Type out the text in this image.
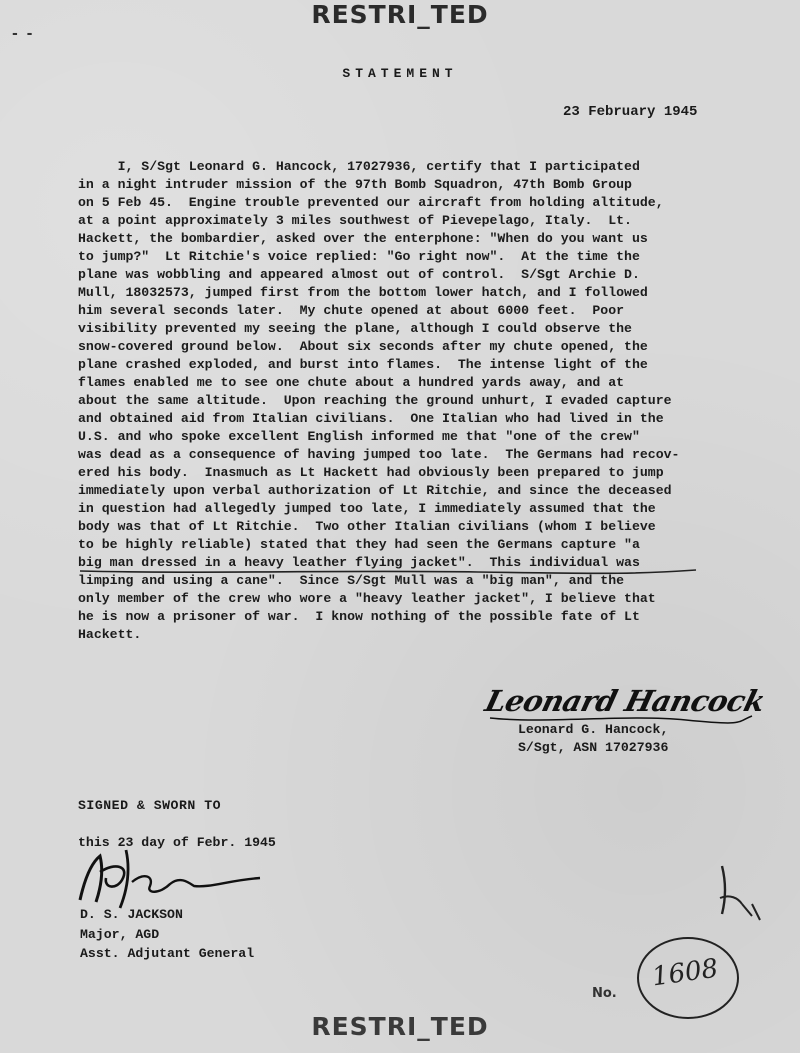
- -
RESTRI_TED
STATEMENT
23 February 1945
I, S/Sgt Leonard G. Hancock, 17027936, certify that I participated
in a night intruder mission of the 97th Bomb Squadron, 47th Bomb Group
on 5 Feb 45.  Engine trouble prevented our aircraft from holding altitude,
at a point approximately 3 miles southwest of Pievepelago, Italy.  Lt.
Hackett, the bombardier, asked over the enterphone: "When do you want us
to jump?"  Lt Ritchie's voice replied: "Go right now".  At the time the
plane was wobbling and appeared almost out of control.  S/Sgt Archie D.
Mull, 18032573, jumped first from the bottom lower hatch, and I followed
him several seconds later.  My chute opened at about 6000 feet.  Poor
visibility prevented my seeing the plane, although I could observe the
snow-covered ground below.  About six seconds after my chute opened, the
plane crashed exploded, and burst into flames.  The intense light of the
flames enabled me to see one chute about a hundred yards away, and at
about the same altitude.  Upon reaching the ground unhurt, I evaded capture
and obtained aid from Italian civilians.  One Italian who had lived in the
U.S. and who spoke excellent English informed me that "one of the crew"
was dead as a consequence of having jumped too late.  The Germans had recov-
ered his body.  Inasmuch as Lt Hackett had obviously been prepared to jump
immediately upon verbal authorization of Lt Ritchie, and since the deceased
in question had allegedly jumped too late, I immediately assumed that the
body was that of Lt Ritchie.  Two other Italian civilians (whom I believe
to be highly reliable) stated that they had seen the Germans capture "a
big man dressed in a heavy leather flying jacket".  This individual was
limping and using a cane".  Since S/Sgt Mull was a "big man", and the
only member of the crew who wore a "heavy leather jacket", I believe that
he is now a prisoner of war.  I know nothing of the possible fate of Lt
Hackett.
Leonard Hancock
Leonard G. Hancock,
S/Sgt, ASN 17027936
SIGNED & SWORN TO
this 23 day of Febr. 1945
D. S. JACKSON
Major, AGD
Asst. Adjutant General
No.
1608
RESTRI_TED
